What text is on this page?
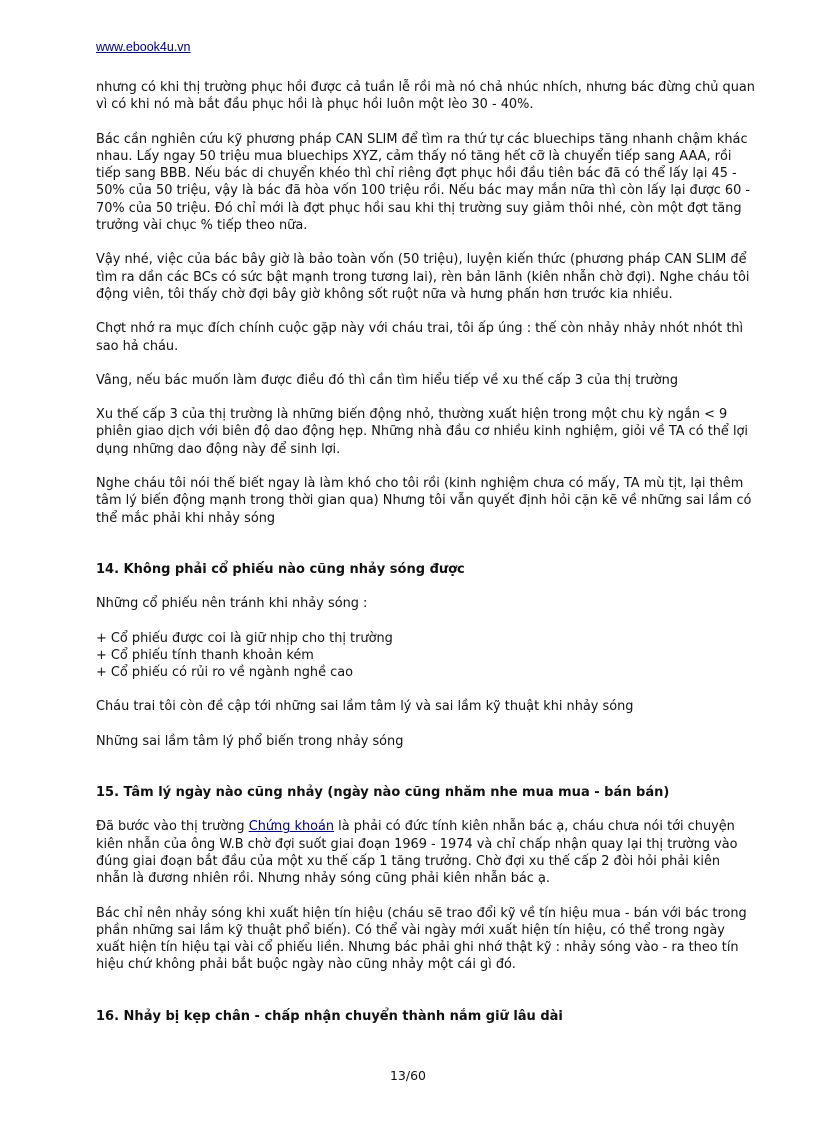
www.ebook4u.vn

nhưng có khi thị trường phục hồi được cả tuần lễ rồi mà nó chả nhúc nhích, nhưng bác đừng chủ quan vì có khi nó mà bắt đầu phục hồi là phục hồi luôn một lèo 30 - 40%.

Bác cần nghiên cứu kỹ phương pháp CAN SLIM để tìm ra thứ tự các bluechips tăng nhanh chậm khác nhau. Lấy ngay 50 triệu mua bluechips XYZ, cảm thấy nó tăng hết cỡ là chuyển tiếp sang AAA, rồi tiếp sang BBB. Nếu bác di chuyển khéo thì chỉ riêng đợt phục hồi đầu tiên bác đã có thể lấy lại 45 - 50% của 50 triệu, vậy là bác đã hòa vốn 100 triệu rồi. Nếu bác may mắn nữa thì còn lấy lại được 60 - 70% của 50 triệu. Đó chỉ mới là đợt phục hồi sau khi thị trường suy giảm thôi nhé, còn một đợt tăng trưởng vài chục % tiếp theo nữa.

Vậy nhé, việc của bác bây giờ là bảo toàn vốn (50 triệu), luyện kiến thức (phương pháp CAN SLIM để tìm ra dần các BCs có sức bật mạnh trong tương lai), rèn bản lãnh (kiên nhẫn chờ đợi). Nghe cháu tôi động viên, tôi thấy chờ đợi bây giờ không sốt ruột nữa và hưng phấn hơn trước kia nhiều.

Chợt nhớ ra mục đích chính cuộc gặp này với cháu trai, tôi ấp úng : thế còn nhảy nhảy nhót nhót thì sao hả cháu.

Vâng, nếu bác muốn làm được điều đó thì cần tìm hiểu tiếp về xu thế cấp 3 của thị trường

Xu thế cấp 3 của thị trường là những biến động nhỏ, thường xuất hiện trong một chu kỳ ngắn < 9 phiên giao dịch với biên độ dao động hẹp. Những nhà đầu cơ nhiều kinh nghiệm, giỏi về TA có thể lợi dụng những dao động này để sinh lợi.

Nghe cháu tôi nói thế biết ngay là làm khó cho tôi rồi (kinh nghiệm chưa có mấy, TA mù tịt, lại thêm tâm lý biến động mạnh trong thời gian qua) Nhưng tôi vẫn quyết định hỏi cặn kẽ về những sai lầm có thể mắc phải khi nhảy sóng

14. Không phải cổ phiếu nào cũng nhảy sóng được

Những cổ phiếu nên tránh khi nhảy sóng :

+ Cổ phiếu được coi là giữ nhịp cho thị trường

+ Cổ phiếu tính thanh khoản kém

+ Cổ phiếu có rủi ro về ngành nghề cao

Cháu trai tôi còn đề cập tới những sai lầm tâm lý và sai lầm kỹ thuật khi nhảy sóng

Những sai lầm tâm lý phổ biến trong nhảy sóng

15. Tâm lý ngày nào cũng nhảy (ngày nào cũng nhăm nhe mua mua - bán bán)

Đã bước vào thị trường Chứng khoán là phải có đức tính kiên nhẫn bác ạ, cháu chưa nói tới chuyện kiên nhẫn của ông W.B chờ đợi suốt giai đoạn 1969 - 1974 và chỉ chấp nhận quay lại thị trường vào đúng giai đoạn bắt đầu của một xu thế cấp 1 tăng trưởng. Chờ đợi xu thế cấp 2 đòi hỏi phải kiên nhẫn là đương nhiên rồi. Nhưng nhảy sóng cũng phải kiên nhẫn bác ạ.

Bác chỉ nên nhảy sóng khi xuất hiện tín hiệu (cháu sẽ trao đổi kỹ về tín hiệu mua - bán với bác trong phần những sai lầm kỹ thuật phổ biến). Có thể vài ngày mới xuất hiện tín hiệu, có thể trong ngày xuất hiện tín hiệu tại vài cổ phiếu liền. Nhưng bác phải ghi nhớ thật kỹ : nhảy sóng vào - ra theo tín hiệu chứ không phải bắt buộc ngày nào cũng nhảy một cái gì đó.

16. Nhảy bị kẹp chân - chấp nhận chuyển thành nắm giữ lâu dài
13/60
